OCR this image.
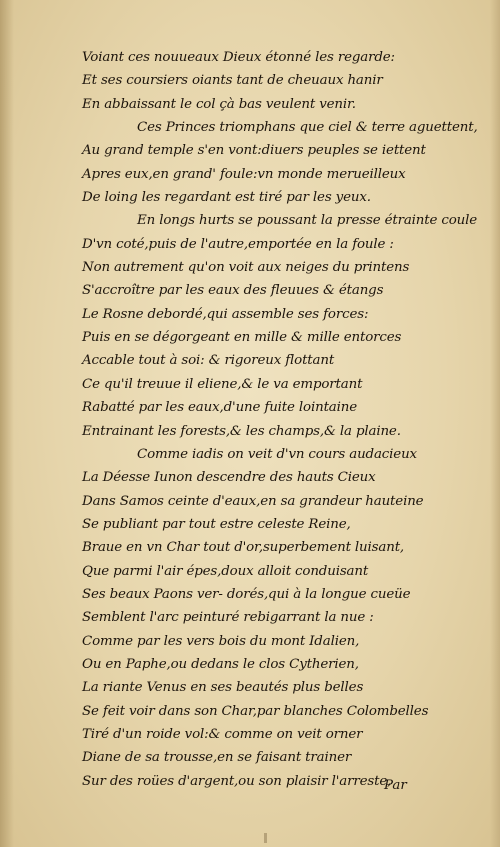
Voiant ces nouueaux Dieux étonné les regarde:
Et ses coursiers oiants tant de cheuaux hanir
En abbaissant le col çà bas veulent venir.
Ces Princes triomphans que ciel & terre aguettent,
Au grand temple s'en vont:diuers peuples se iettent
Apres eux,en grand' foule:vn monde merueilleux
De loing les regardant est tiré par les yeux.
En longs hurts se poussant la presse étrainte coule
D'vn coté,puis de l'autre,emportée en la foule :
Non autrement qu'on voit aux neiges du printens
S'accroître par les eaux des fleuues & étangs
Le Rosne debordé,qui assemble ses forces:
Puis en se dégorgeant en mille & mille entorces
Accable tout à soi: & rigoreux flottant
Ce qu'il treuue il eliene,& le va emportant
Rabatté par les eaux,d'une fuite lointaine
Entrainant les forests,& les champs,& la plaine.
Comme iadis on veit d'vn cours audacieux
La Déesse Iunon descendre des hauts Cieux
Dans Samos ceinte d'eaux,en sa grandeur hauteine
Se publiant par tout estre celeste Reine,
Braue en vn Char tout d'or,superbement luisant,
Que parmi l'air épes,doux alloit conduisant
Ses beaux Paons ver- dorés,qui à la longue cueüe
Semblent l'arc peinturé rebigarrant la nue :
Comme par les vers bois du mont Idalien,
Ou en Paphe,ou dedans le clos Cytherien,
La riante Venus en ses beautés plus belles
Se feit voir dans son Char,par blanches Colombelles
Tiré d'un roide vol:& comme on veit orner
Diane de sa trousse,en se faisant trainer
Sur des roües d'argent,ou son plaisir l'arreste,
Par
